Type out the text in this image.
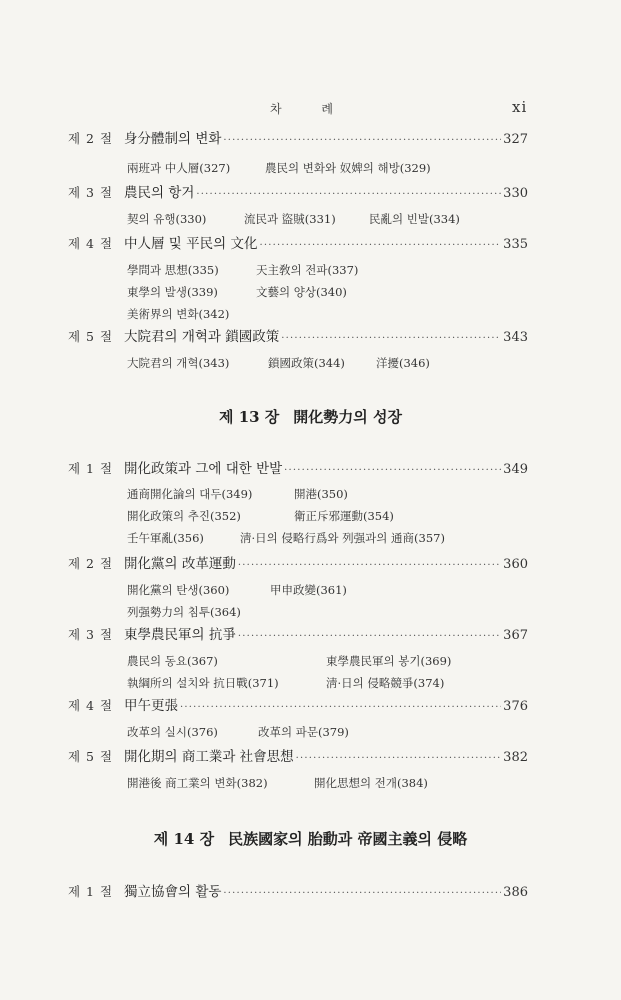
차 례	xi
제 2 절 身分體制의 변화 ·····	327
兩班과 中人層(327)	農民의 변화와 奴婢의 해방(329)
제 3 절 農民의 항거 ·····	330
契의 유행(330)	流民과 盜賊(331)	民亂의 빈발(334)
제 4 절 中人層 및 平民의 文化 ·····	335
學問과 思想(335)	天主敎의 전파(337)
東學의 발생(339)	文藝의 양상(340)
美術界의 변화(342)
제 5 절 大院君의 개혁과 鎖國政策 ·····	343
大院君의 개혁(343)	鎖國政策(344)	洋擾(346)
제 13 장 開化勢力의 성장
제 1 절 開化政策과 그에 대한 반발 ·····	349
通商開化論의 대두(349)	開港(350)
開化政策의 추진(352)	衛正斥邪運動(354)
壬午軍亂(356)	淸·日의 侵略行爲와 列强과의 通商(357)
제 2 절 開化黨의 改革運動 ·····	360
開化黨의 탄생(360)	甲申政變(361)
列强勢力의 침투(364)
제 3 절 東學農民軍의 抗爭 ·····	367
農民의 동요(367)	東學農民軍의 봉기(369)
執綱所의 설치와 抗日戰(371)	淸·日의 侵略競爭(374)
제 4 절 甲午更張 ·····	376
改革의 실시(376)	改革의 파문(379)
제 5 절 開化期의 商工業과 社會思想 ·····	382
開港後 商工業의 변화(382)	開化思想의 전개(384)
제 14 장 民族國家의 胎動과 帝國主義의 侵略
제 1 절 獨立協會의 활동 ·····	386
